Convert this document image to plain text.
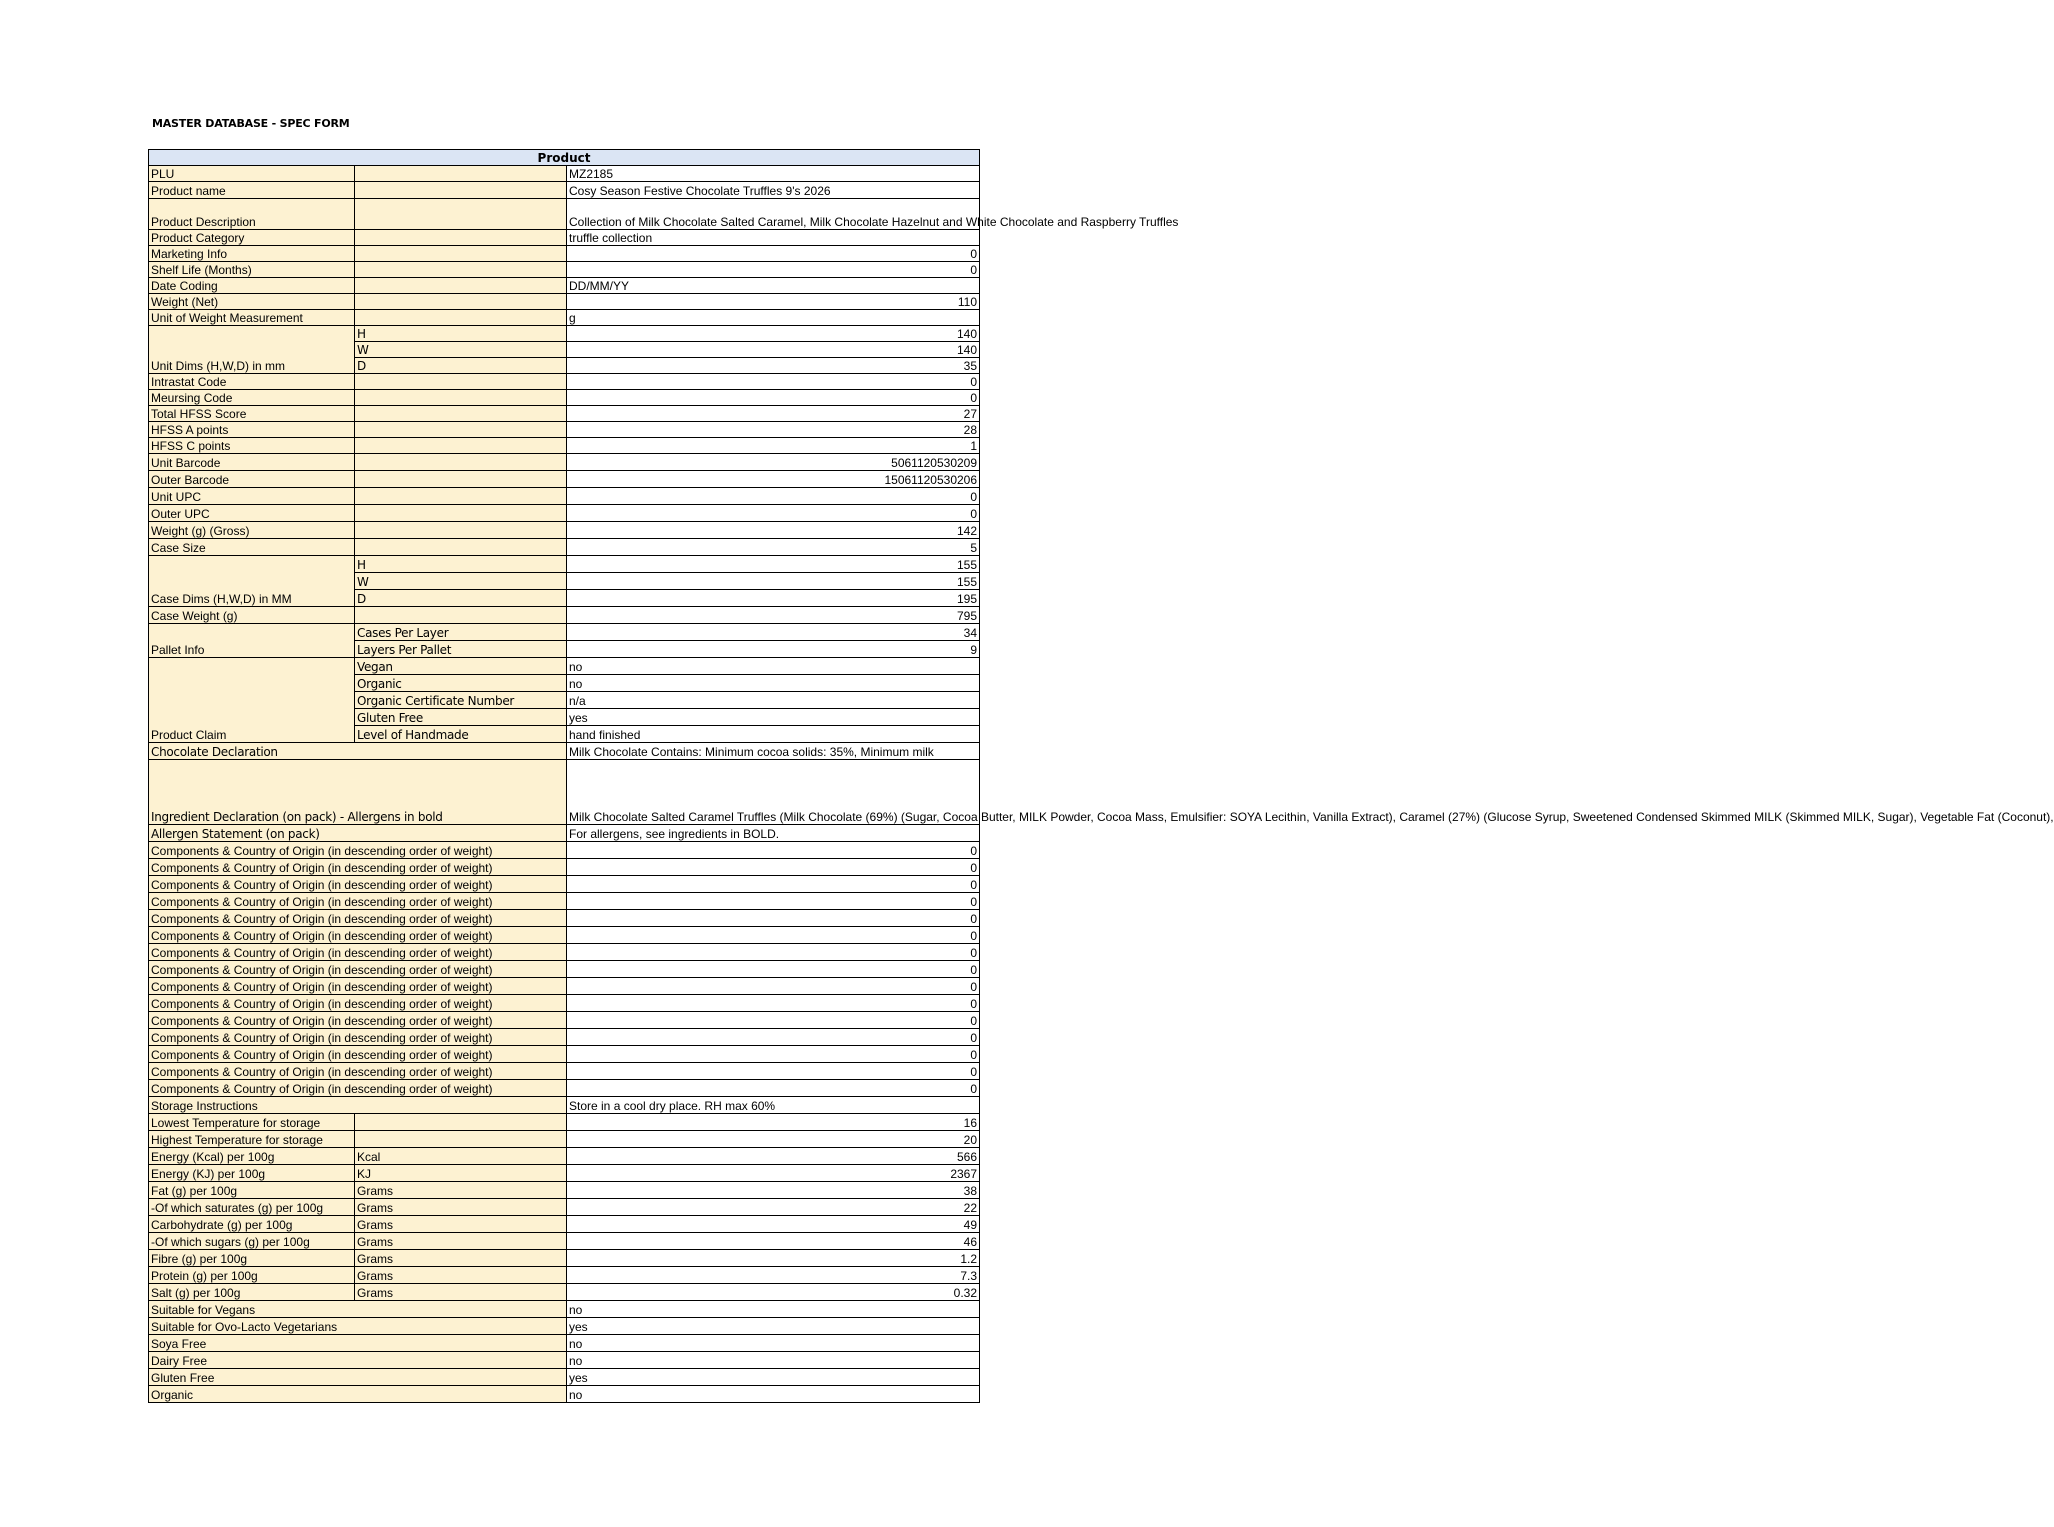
MASTER DATABASE - SPEC FORM
Product		
PLU		MZ2185
Product name		Cosy Season Festive Chocolate Truffles 9's 2026
Product Description		Collection of Milk Chocolate Salted Caramel, Milk Chocolate Hazelnut and White Chocolate and Raspberry Truffles
Product Category		truffle collection
Marketing Info		0
Shelf Life (Months)		0
Date Coding		DD/MM/YY
Weight (Net)		110
Unit of Weight Measurement		g
Unit Dims (H,W,D) in mm	H	140
	W	140
	D	35
Intrastat Code		0
Meursing Code		0
Total HFSS Score		27
HFSS A points		28
HFSS C points		1
Unit Barcode		5061120530209
Outer Barcode		15061120530206
Unit UPC		0
Outer UPC		0
Weight (g) (Gross)		142
Case Size		5
Case Dims (H,W,D) in MM	H	155
	W	155
	D	195
Case Weight (g)		795
Pallet Info	Cases Per Layer	34
	Layers Per Pallet	9
Product Claim	Vegan	no
	Organic	no
	Organic Certificate Number	n/a
	Gluten Free	yes
	Level of Handmade	hand finished
Chocolate Declaration		Milk Chocolate Contains: Minimum cocoa solids: 35%, Minimum milk
Ingredient Declaration (on pack) - Allergens in bold		Milk Chocolate Salted Caramel Truffles (Milk Chocolate (69%) (Sugar, Cocoa Butter, MILK Powder, Cocoa Mass, Emulsifier: SOYA Lecithin, Vanilla Extract), Caramel (27%) (Glucose Syrup, Sweetened Condensed Skimmed MILK (Skimmed MILK, Sugar), Vegetable Fat (Coconut),
Allergen Statement (on pack)		For allergens, see ingredients in BOLD.
Components & Country of Origin (in descending order of weight)		0
Components & Country of Origin (in descending order of weight)		0
Components & Country of Origin (in descending order of weight)		0
Components & Country of Origin (in descending order of weight)		0
Components & Country of Origin (in descending order of weight)		0
Components & Country of Origin (in descending order of weight)		0
Components & Country of Origin (in descending order of weight)		0
Components & Country of Origin (in descending order of weight)		0
Components & Country of Origin (in descending order of weight)		0
Components & Country of Origin (in descending order of weight)		0
Components & Country of Origin (in descending order of weight)		0
Components & Country of Origin (in descending order of weight)		0
Components & Country of Origin (in descending order of weight)		0
Components & Country of Origin (in descending order of weight)		0
Components & Country of Origin (in descending order of weight)		0
Storage Instructions		Store in a cool dry place. RH max 60%
Lowest Temperature for storage		16
Highest Temperature for storage		20
Energy (Kcal) per 100g	Kcal	566
Energy (KJ) per 100g	KJ	2367
Fat (g) per 100g	Grams	38
-Of which saturates (g) per 100g	Grams	22
Carbohydrate (g) per 100g	Grams	49
-Of which sugars (g) per 100g	Grams	46
Fibre (g) per 100g	Grams	1.2
Protein (g) per 100g	Grams	7.3
Salt (g) per 100g	Grams	0.32
Suitable for Vegans		no
Suitable for Ovo-Lacto Vegetarians		yes
Soya Free		no
Dairy Free		no
Gluten Free		yes
Organic		no
